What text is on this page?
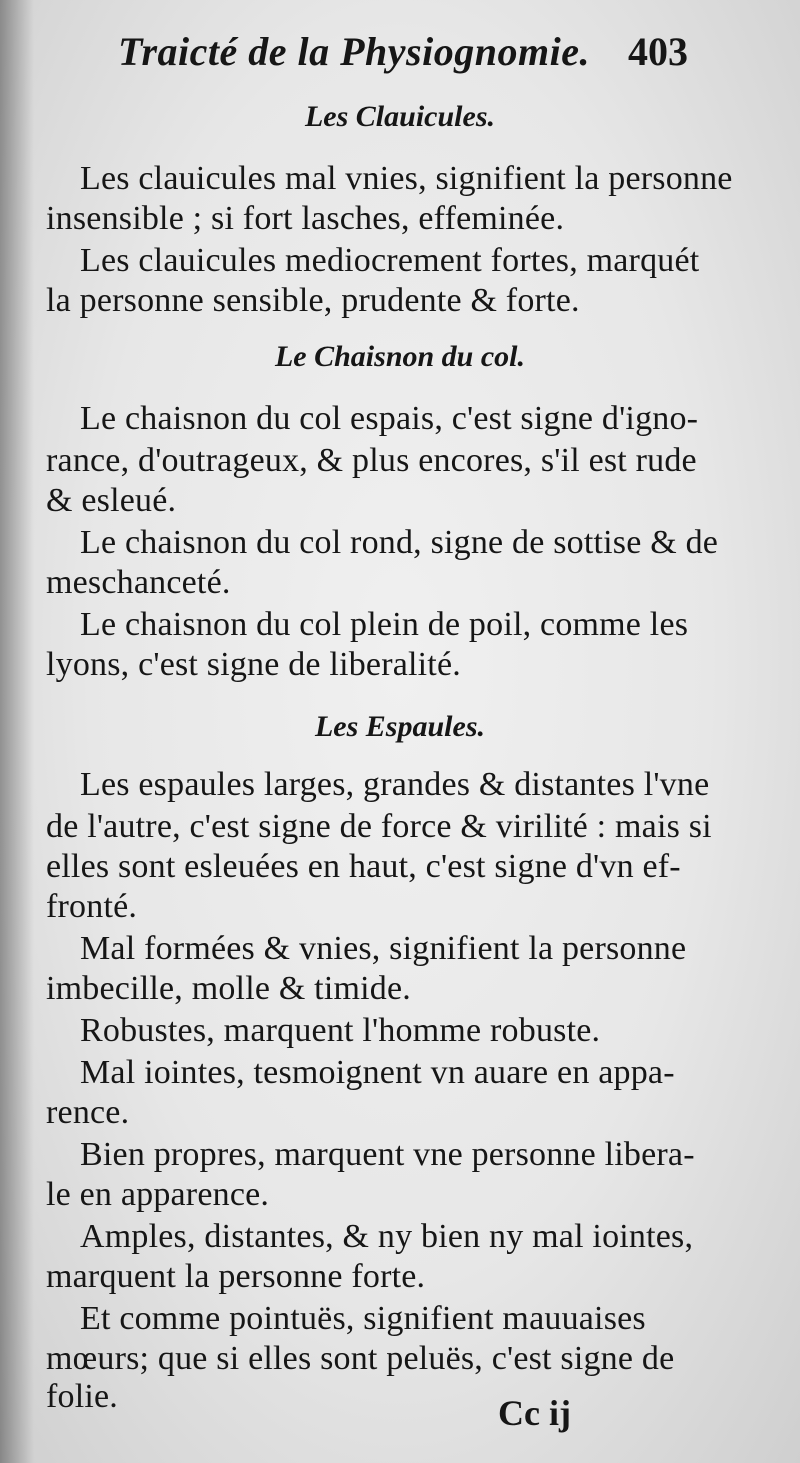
Traicté de la Physiognomie. 403
Les Clauicules.
Les clauicules mal vnies, signifient la personne
insensible ; si fort lasches, effeminée.
Les clauicules mediocrement fortes, marquét
la personne sensible, prudente & forte.
Le Chaisnon du col.
Le chaisnon du col espais, c'est signe d'igno-
rance, d'outrageux, & plus encores, s'il est rude
& esleué.
Le chaisnon du col rond, signe de sottise & de
meschanceté.
Le chaisnon du col plein de poil, comme les
lyons, c'est signe de liberalité.
Les Espaules.
Les espaules larges, grandes & distantes l'vne
de l'autre, c'est signe de force & virilité : mais si
elles sont esleuées en haut, c'est signe d'vn ef-
fronté.
Mal formées & vnies, signifient la personne
imbecille, molle & timide.
Robustes, marquent l'homme robuste.
Mal iointes, tesmoignent vn auare en appa-
rence.
Bien propres, marquent vne personne libera-
le en apparence.
Amples, distantes, & ny bien ny mal iointes,
marquent la personne forte.
Et comme pointuës, signifient mauuaises
mœurs; que si elles sont peluës, c'est signe de
folie.	Cc ij
